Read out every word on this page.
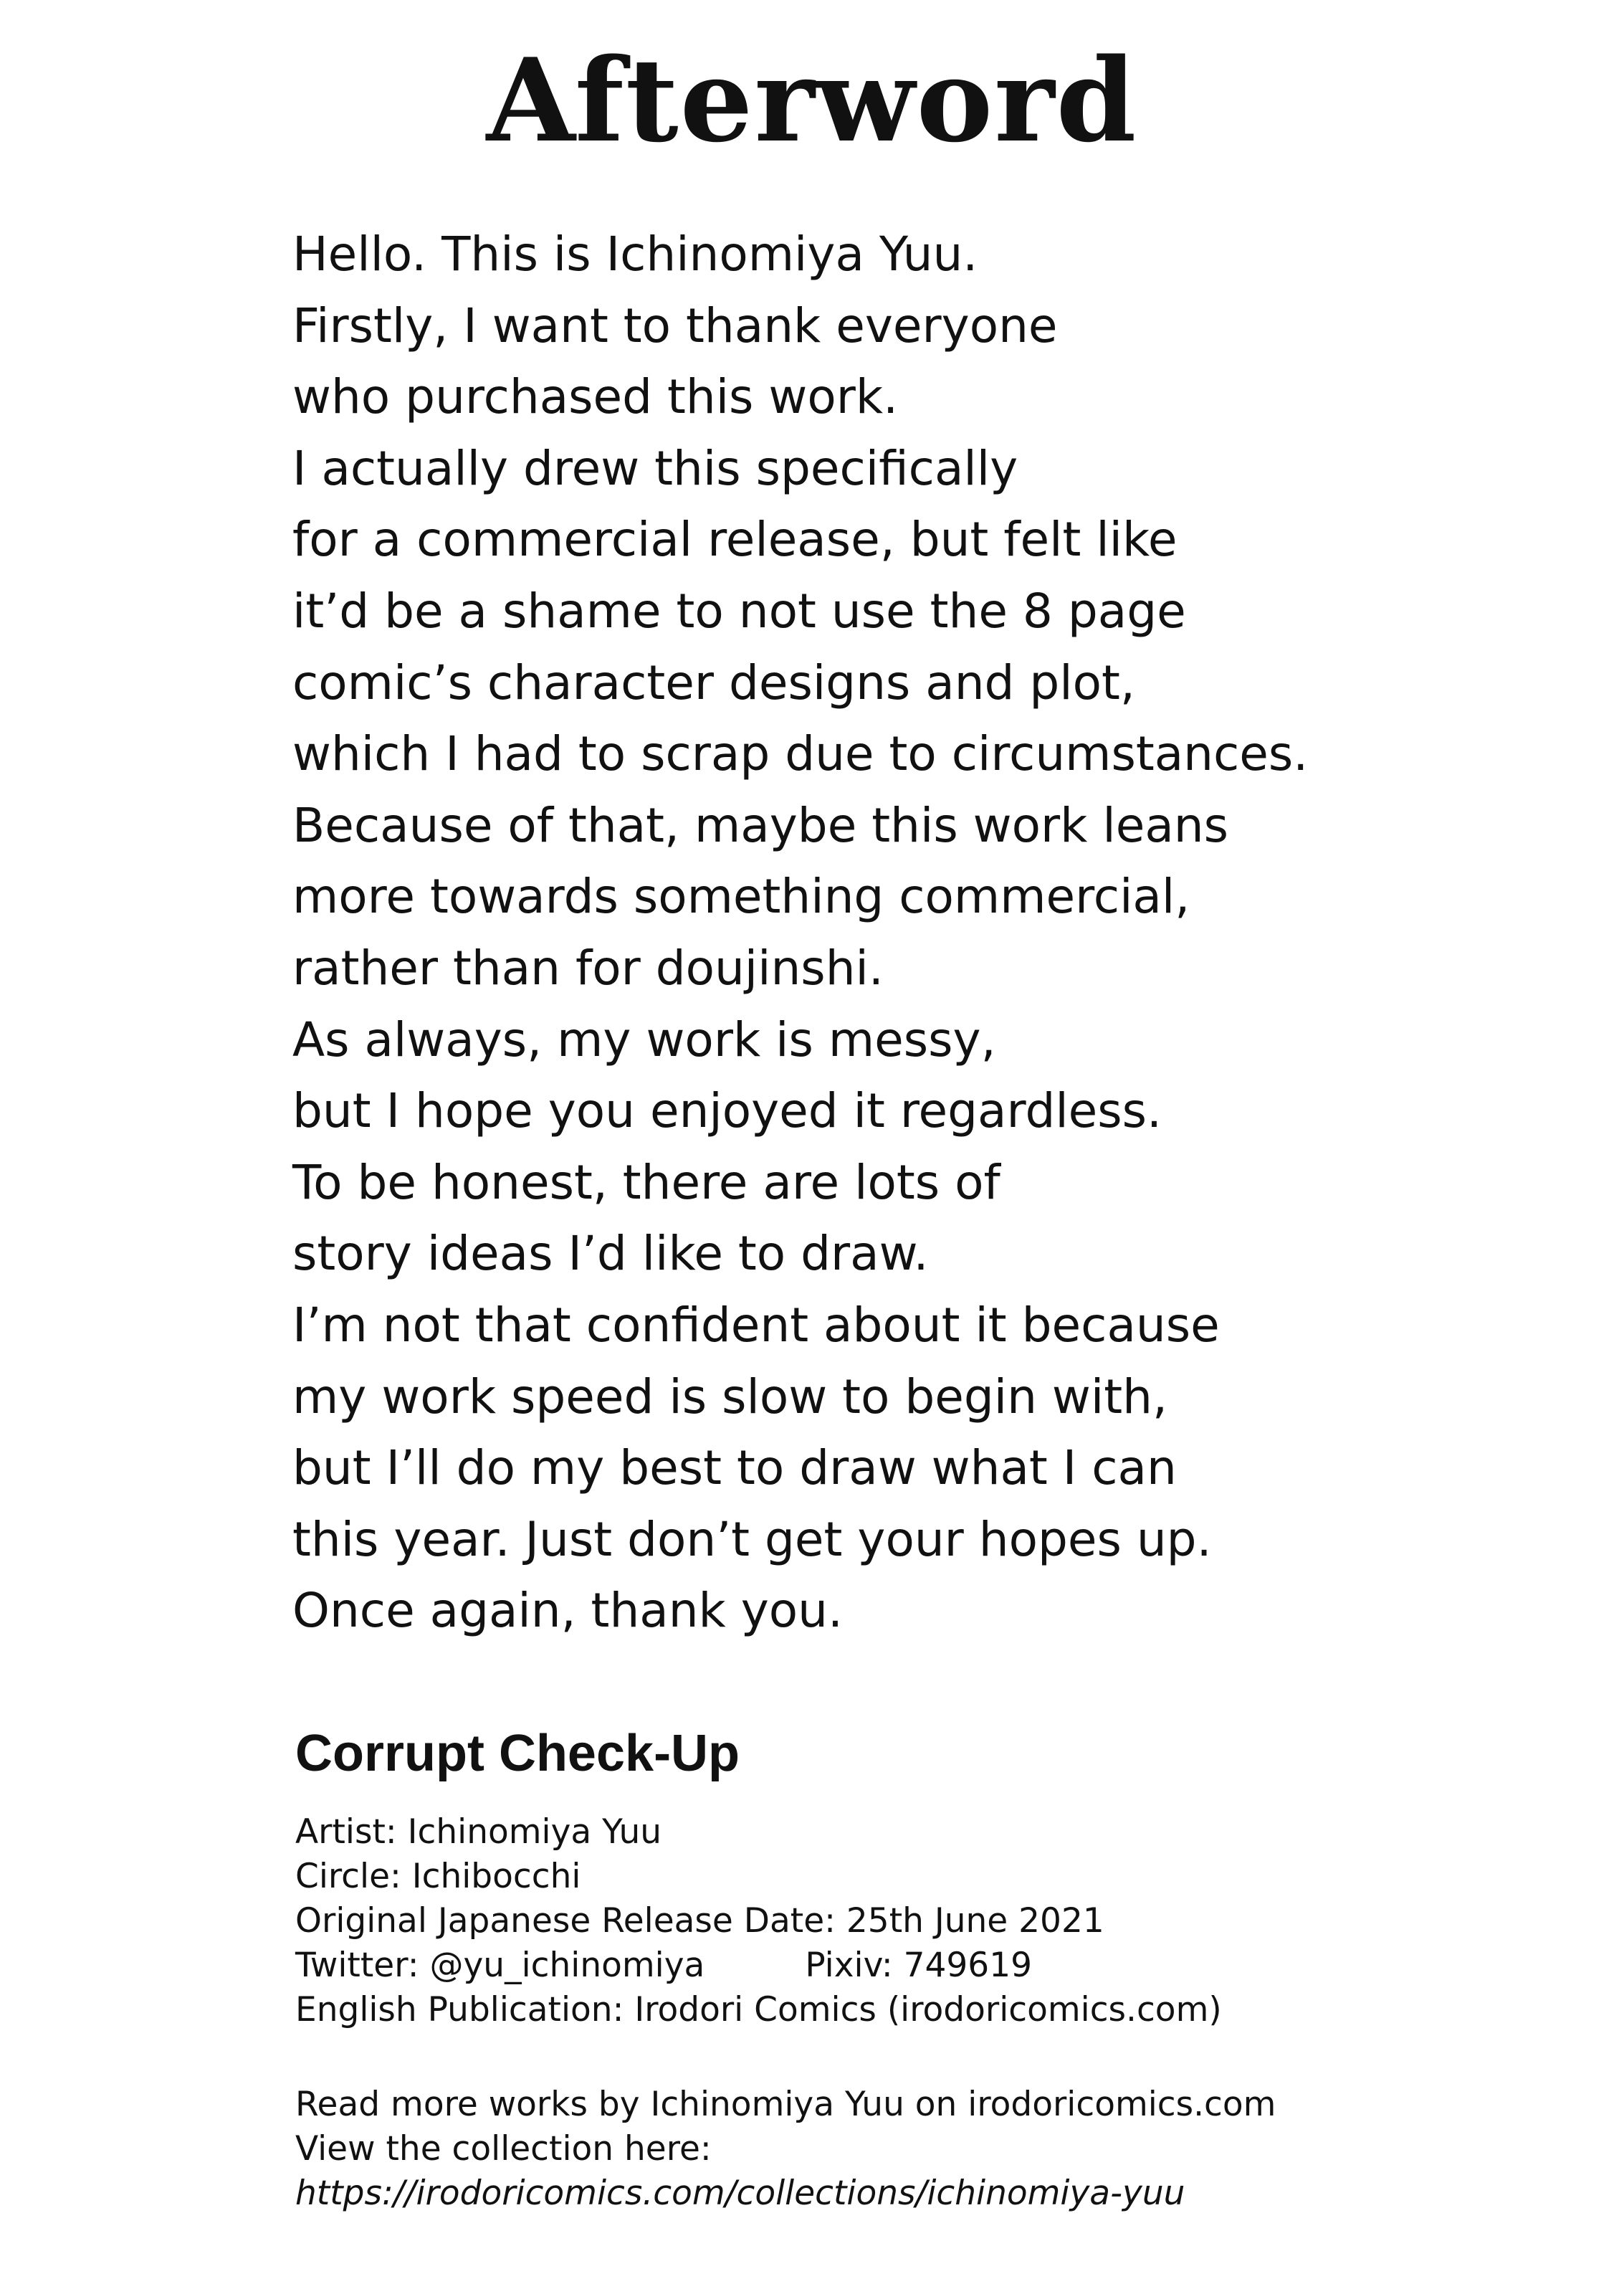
Afterword
Hello. This is Ichinomiya Yuu.
Firstly, I want to thank everyone
who purchased this work.
I actually drew this specifically
for a commercial release, but felt like
it’d be a shame to not use the 8 page
comic’s character designs and plot,
which I had to scrap due to circumstances.
Because of that, maybe this work leans
more towards something commercial,
rather than for doujinshi.
As always, my work is messy,
but I hope you enjoyed it regardless.
To be honest, there are lots of
story ideas I’d like to draw.
I’m not that confident about it because
my work speed is slow to begin with,
but I’ll do my best to draw what I can
this year. Just don’t get your hopes up.
Once again, thank you.
Corrupt Check-Up
Artist: Ichinomiya Yuu
Circle: Ichibocchi
Original Japanese Release Date: 25th June 2021
Twitter: @yu_ichinomiya	Pixiv: 749619
English Publication: Irodori Comics (irodoricomics.com)
Read more works by Ichinomiya Yuu on irodoricomics.com
View the collection here:
https://irodoricomics.com/collections/ichinomiya-yuu
